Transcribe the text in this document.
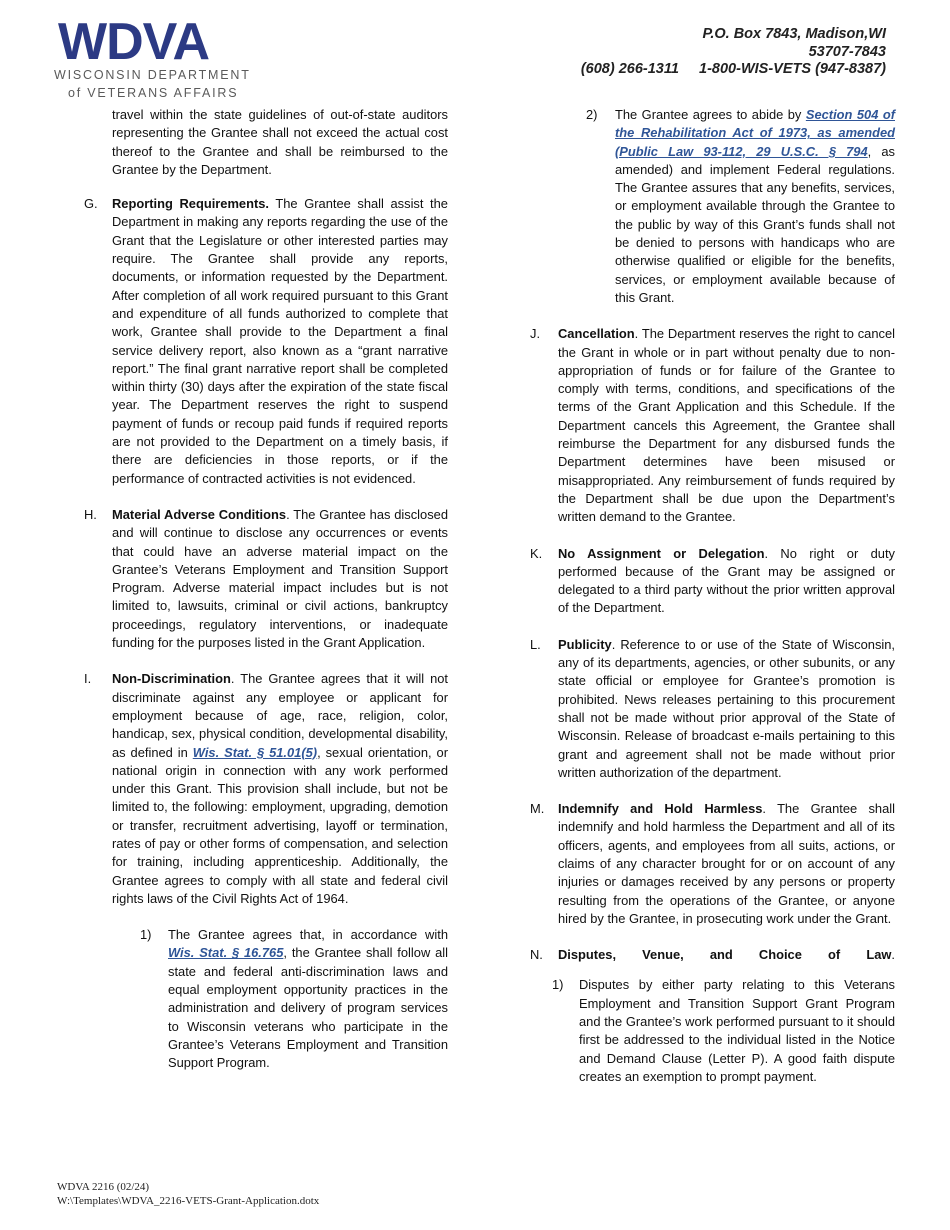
WDVA
WISCONSIN DEPARTMENT
of VETERANS AFFAIRS
P.O. Box 7843, Madison,WI
53707-7843
(608) 266-1311     1-800-WIS-VETS (947-8387)
travel within the state guidelines of out-of-state auditors representing the Grantee shall not exceed the actual cost thereof to the Grantee and shall be reimbursed to the Grantee by the Department.
G. Reporting Requirements. The Grantee shall assist the Department in making any reports regarding the use of the Grant that the Legislature or other interested parties may require. The Grantee shall provide any reports, documents, or information requested by the Department. After completion of all work required pursuant to this Grant and expenditure of all funds authorized to complete that work, Grantee shall provide to the Department a final service delivery report, also known as a “grant narrative report.” The final grant narrative report shall be completed within thirty (30) days after the expiration of the state fiscal year. The Department reserves the right to suspend payment of funds or recoup paid funds if required reports are not provided to the Department on a timely basis, if there are deficiencies in those reports, or if the performance of contracted activities is not evidenced.
H. Material Adverse Conditions. The Grantee has disclosed and will continue to disclose any occurrences or events that could have an adverse material impact on the Grantee’s Veterans Employment and Transition Support Program. Adverse material impact includes but is not limited to, lawsuits, criminal or civil actions, bankruptcy proceedings, regulatory interventions, or inadequate funding for the purposes listed in the Grant Application.
I. Non-Discrimination. The Grantee agrees that it will not discriminate against any employee or applicant for employment because of age, race, religion, color, handicap, sex, physical condition, developmental disability, as defined in Wis. Stat. § 51.01(5), sexual orientation, or national origin in connection with any work performed under this Grant. This provision shall include, but not be limited to, the following: employment, upgrading, demotion or transfer, recruitment advertising, layoff or termination, rates of pay or other forms of compensation, and selection for training, including apprenticeship. Additionally, the Grantee agrees to comply with all state and federal civil rights laws of the Civil Rights Act of 1964.
1) The Grantee agrees that, in accordance with Wis. Stat. § 16.765, the Grantee shall follow all state and federal anti-discrimination laws and equal employment opportunity practices in the administration and delivery of program services to Wisconsin veterans who participate in the Grantee’s Veterans Employment and Transition Support Program.
2) The Grantee agrees to abide by Section 504 of the Rehabilitation Act of 1973, as amended (Public Law 93-112, 29 U.S.C. § 794, as amended) and implement Federal regulations. The Grantee assures that any benefits, services, or employment available through the Grantee to the public by way of this Grant’s funds shall not be denied to persons with handicaps who are otherwise qualified or eligible for the benefits, services, or employment available because of this Grant.
J. Cancellation. The Department reserves the right to cancel the Grant in whole or in part without penalty due to non-appropriation of funds or for failure of the Grantee to comply with terms, conditions, and specifications of the terms of the Grant Application and this Schedule. If the Department cancels this Agreement, the Grantee shall reimburse the Department for any disbursed funds the Department determines have been misused or misappropriated. Any reimbursement of funds required by the Department shall be due upon the Department’s written demand to the Grantee.
K. No Assignment or Delegation. No right or duty performed because of the Grant may be assigned or delegated to a third party without the prior written approval of the Department.
L. Publicity. Reference to or use of the State of Wisconsin, any of its departments, agencies, or other subunits, or any state official or employee for Grantee’s promotion is prohibited. News releases pertaining to this procurement shall not be made without prior approval of the State of Wisconsin. Release of broadcast e-mails pertaining to this grant and agreement shall not be made without prior written authorization of the department.
M. Indemnify and Hold Harmless. The Grantee shall indemnify and hold harmless the Department and all of its officers, agents, and employees from all suits, actions, or claims of any character brought for or on account of any injuries or damages received by any persons or property resulting from the operations of the Grantee, or anyone hired by the Grantee, in prosecuting work under the Grant.
N. Disputes, Venue, and Choice of Law .
1) Disputes by either party relating to this Veterans Employment and Transition Support Grant Program and the Grantee’s work performed pursuant to it should first be addressed to the individual listed in the Notice and Demand Clause (Letter P). A good faith dispute creates an exemption to prompt payment.
WDVA 2216 (02/24)
W:\Templates\WDVA_2216-VETS-Grant-Application.dotx
